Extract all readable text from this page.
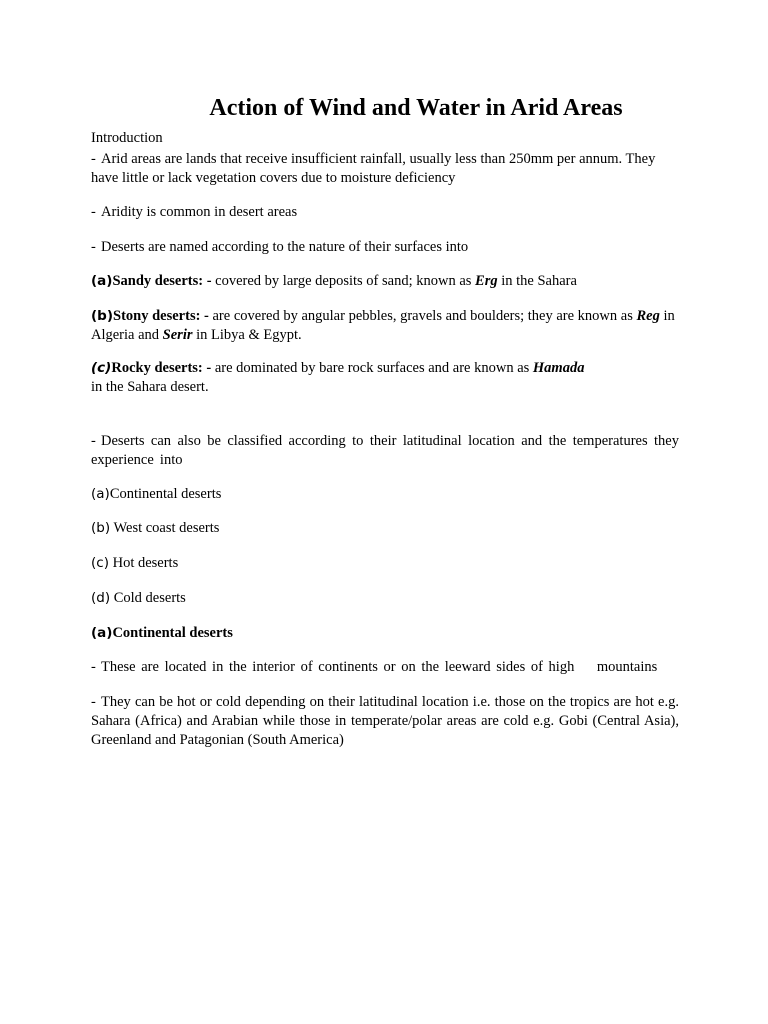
Action of Wind and Water in Arid Areas
Introduction
- Arid areas are lands that receive insufficient rainfall, usually less than 250mm per annum. They have little or lack vegetation covers due to moisture deficiency
- Aridity is common in desert areas
- Deserts are named according to the nature of their surfaces into
(a)Sandy deserts: - covered by large deposits of sand; known as Erg in the Sahara
(b)Stony deserts: - are covered by angular pebbles, gravels and boulders; they are known as Reg in Algeria and Serir in Libya & Egypt.
(c)Rocky deserts: - are dominated by bare rock surfaces and are known as Hamada
in the Sahara desert.
- Deserts can also be classified according to their latitudinal location and the temperatures they experience into
(a)Continental deserts
(b) West coast deserts
(c) Hot deserts
(d) Cold deserts
(a)Continental deserts
- These are located in the interior of continents or on the leeward sides of high    mountains
- They can be hot or cold depending on their latitudinal location i.e. those on the tropics are hot e.g. Sahara (Africa) and Arabian while those in temperate/polar areas are cold e.g. Gobi (Central Asia), Greenland and Patagonian (South America)
